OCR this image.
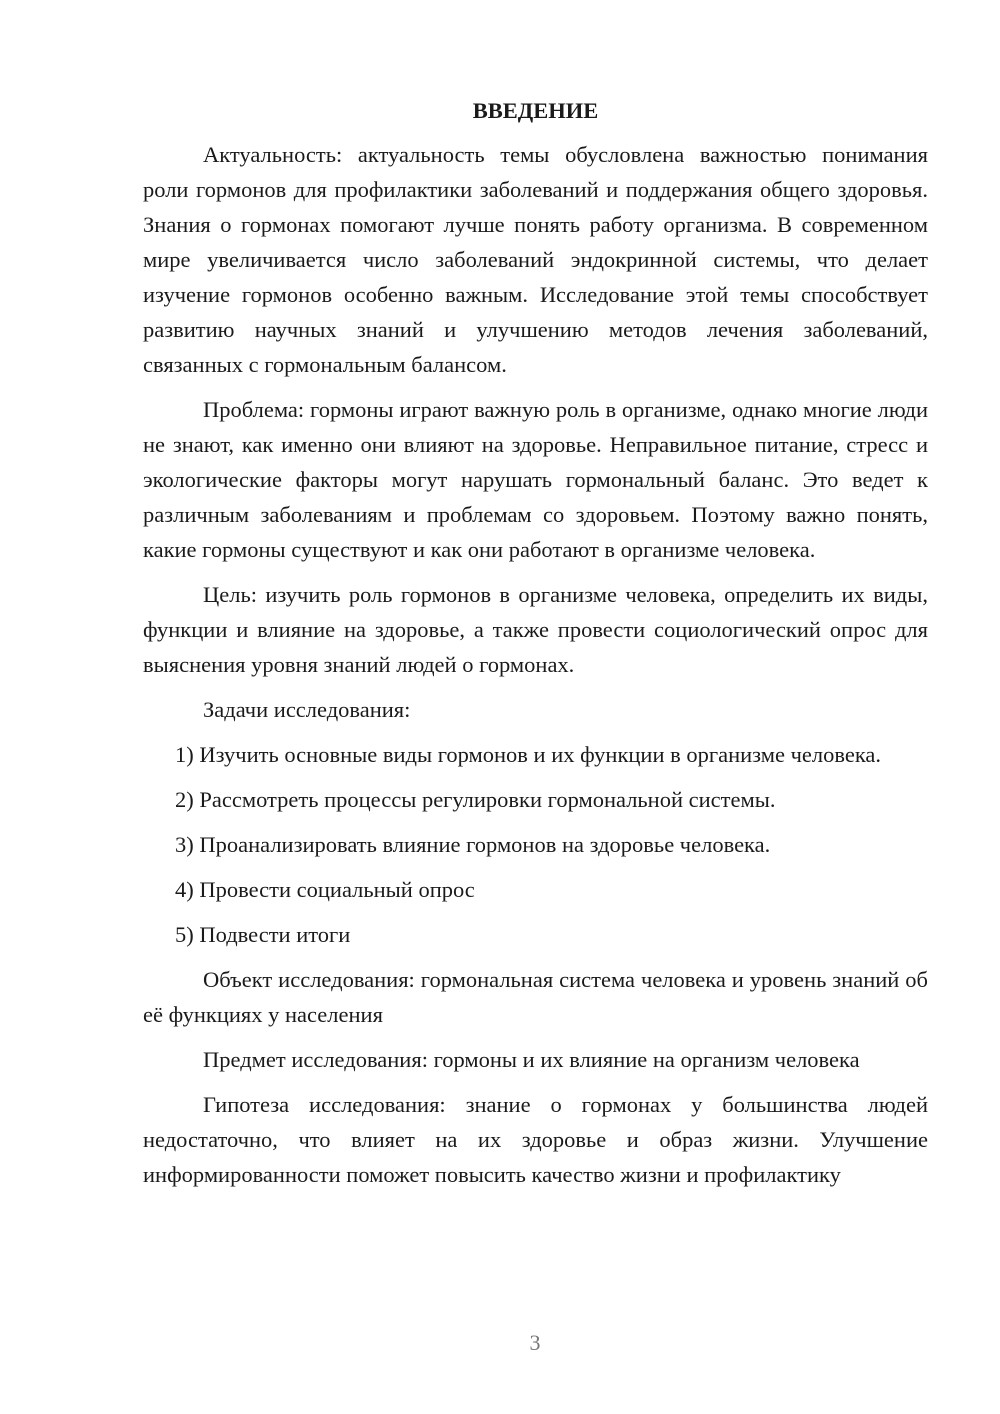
ВВЕДЕНИЕ

Актуальность: актуальность темы обусловлена важностью понимания роли гормонов для профилактики заболеваний и поддержания общего здоровья. Знания о гормонах помогают лучше понять работу организма. В современном мире увеличивается число заболеваний эндокринной системы, что делает изучение гормонов особенно важным. Исследование этой темы способствует развитию научных знаний и улучшению методов лечения заболеваний, связанных с гормональным балансом.

Проблема: гормоны играют важную роль в организме, однако многие люди не знают, как именно они влияют на здоровье. Неправильное питание, стресс и экологические факторы могут нарушать гормональный баланс. Это ведет к различным заболеваниям и проблемам со здоровьем. Поэтому важно понять, какие гормоны существуют и как они работают в организме человека.

Цель: изучить роль гормонов в организме человека, определить их виды, функции и влияние на здоровье, а также провести социологический опрос для выяснения уровня знаний людей о гормонах.

Задачи исследования:

1) Изучить основные виды гормонов и их функции в организме человека.

2) Рассмотреть процессы регулировки гормональной системы.

3) Проанализировать влияние гормонов на здоровье человека.

4) Провести социальный опрос

5) Подвести итоги

Объект исследования: гормональная система человека и уровень знаний об её функциях у населения

Предмет исследования: гормоны и их влияние на организм человека

Гипотеза исследования: знание о гормонах у большинства людей недостаточно, что влияет на их здоровье и образ жизни. Улучшение информированности поможет повысить качество жизни и профилактику

3
